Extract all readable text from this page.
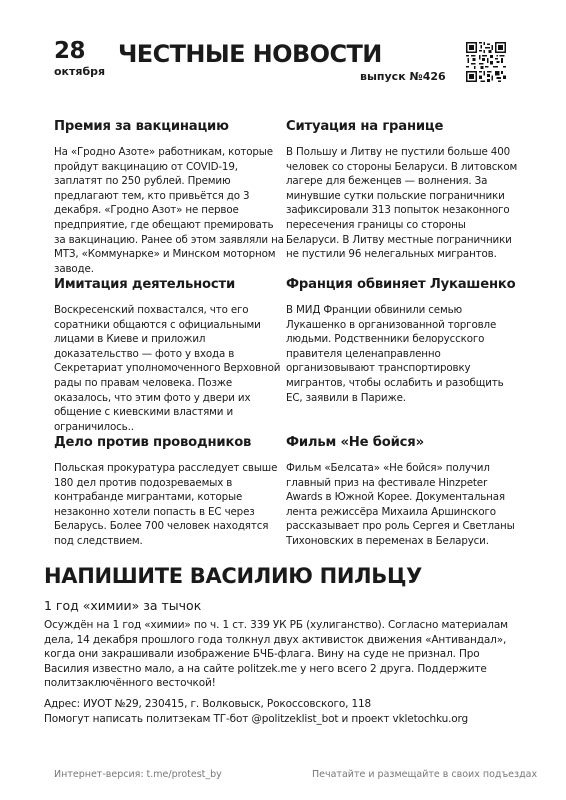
28
октября
ЧЕСТНЫЕ НОВОСТИ
выпуск №426
Премия за вакцинацию

На «Гродно Азоте» работникам, которые пройдут вакцинацию от COVID-19, заплатят по 250 рублей. Премию предлагают тем, кто привьётся до 3 декабря. «Гродно Азот» не первое предприятие, где обещают премировать за вакцинацию. Ранее об этом заявляли на МТЗ, «Коммунарке» и Минском моторном заводе.

Ситуация на границе

В Польшу и Литву не пустили больше 400 человек со стороны Беларуси. В литовском лагере для беженцев — волнения. За минувшие сутки польские пограничники зафиксировали 313 попыток незаконного пересечения границы со стороны Беларуси. В Литву местные пограничники не пустили 96 нелегальных мигрантов.

Имитация деятельности

Воскресенский похвастался, что его соратники общаются с официальными лицами в Киеве и приложил доказательство — фото у входа в Секретариат уполномоченного Верховной рады по правам человека. Позже оказалось, что этим фото у двери их общение с киевскими властями и ограничилось..

Франция обвиняет Лукашенко

В МИД Франции обвинили семью Лукашенко в организованной торговле людьми. Родственники белорусского правителя целенаправленно организовывают транспортировку мигрантов, чтобы ослабить и разобщить ЕС, заявили в Париже.

Дело против проводников

Польская прокуратура расследует свыше 180 дел против подозреваемых в контрабанде мигрантами, которые незаконно хотели попасть в ЕС через Беларусь. Более 700 человек находятся под следствием.

Фильм «Не бойся»

Фильм «Белсата» «Не бойся» получил главный приз на фестивале Hinzpeter Awards в Южной Корее. Документальная лента режиссёра Михаила Аршинского рассказывает про роль Сергея и Светланы Тихоновских в переменах в Беларуси.

НАПИШИТЕ ВАСИЛИЮ ПИЛЬЦУ
1 год «химии» за тычок

Осуждён на 1 год «химии» по ч. 1 ст. 339 УК РБ (хулиганство). Согласно материалам дела, 14 декабря прошлого года толкнул двух активисток движения «Антивандал», когда они закрашивали изображение БЧБ-флага. Вину на суде не признал. Про Василия известно мало, а на сайте politzek.me у него всего 2 друга. Поддержите политзаключённого весточкой!

Адрес: ИУОТ №29, 230415, г. Волковыск, Рокоссовского, 118
Помогут написать политзекам ТГ-бот @politzeklist_bot и проект vkletochku.org
Интернет-версия: t.me/protest_by	Печатайте и размещайте в своих подъездах
